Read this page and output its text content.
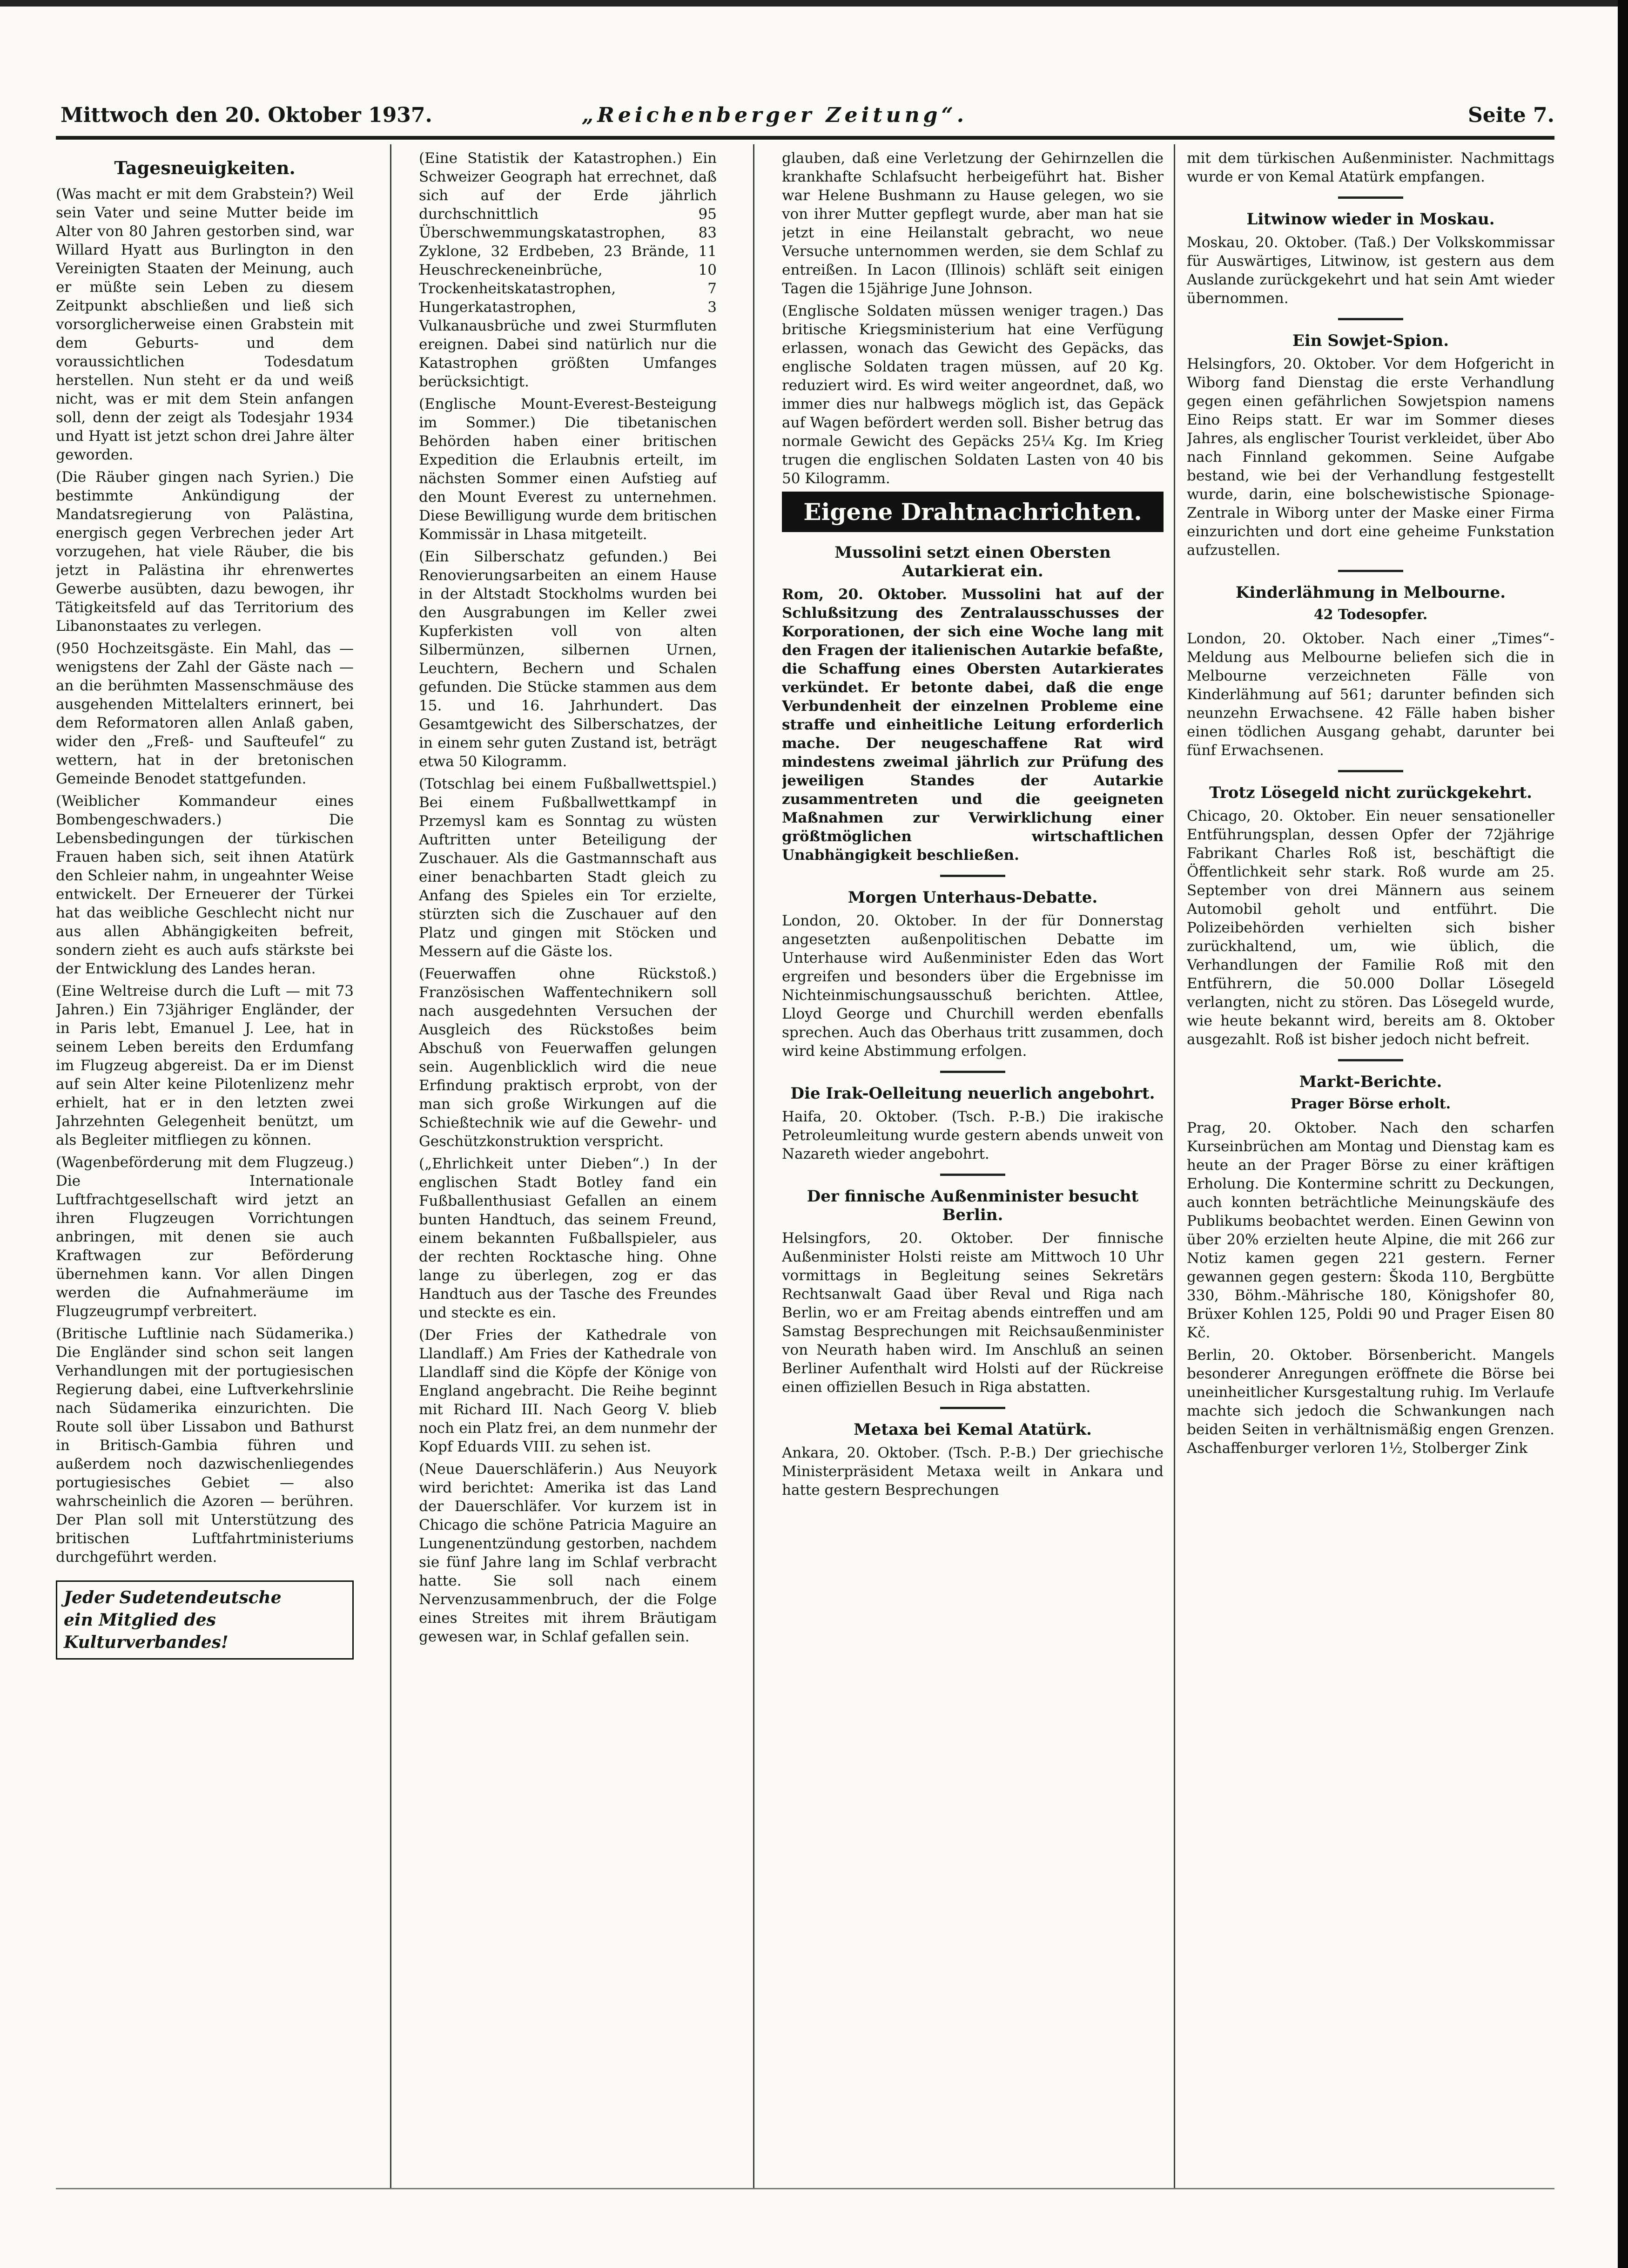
Mittwoch den 20. Oktober 1937.	„Reichenberger Zeitung“.	Seite 7.
Tagesneuigkeiten.

(Was macht er mit dem Grabstein?) Weil sein Vater und seine Mutter beide im Alter von 80 Jahren gestorben sind, war Willard Hyatt aus Burlington in den Vereinigten Staaten der Meinung, auch er müßte sein Leben zu diesem Zeitpunkt abschließen und ließ sich vorsorglicherweise einen Grabstein mit dem Geburts- und dem voraussichtlichen Todesdatum herstellen. Nun steht er da und weiß nicht, was er mit dem Stein anfangen soll, denn der zeigt als Todesjahr 1934 und Hyatt ist jetzt schon drei Jahre älter geworden.

(Die Räuber gingen nach Syrien.) Die bestimmte Ankündigung der Mandatsregierung von Palästina, energisch gegen Verbrechen jeder Art vorzugehen, hat viele Räuber, die bis jetzt in Palästina ihr ehrenwertes Gewerbe ausübten, dazu bewogen, ihr Tätigkeitsfeld auf das Territorium des Libanonstaates zu verlegen.

(950 Hochzeitsgäste. Ein Mahl, das — wenigstens der Zahl der Gäste nach — an die berühmten Massenschmäuse des ausgehenden Mittelalters erinnert, bei dem Reformatoren allen Anlaß gaben, wider den „Freß- und Saufteufel“ zu wettern, hat in der bretonischen Gemeinde Benodet stattgefunden.

(Weiblicher Kommandeur eines Bombengeschwaders.) Die Lebensbedingungen der türkischen Frauen haben sich, seit ihnen Atatürk den Schleier nahm, in ungeahnter Weise entwickelt. Der Erneuerer der Türkei hat das weibliche Geschlecht nicht nur aus allen Abhängigkeiten befreit, sondern zieht es auch aufs stärkste bei der Entwicklung des Landes heran.

(Eine Weltreise durch die Luft — mit 73 Jahren.) Ein 73jähriger Engländer, der in Paris lebt, Emanuel J. Lee, hat in seinem Leben bereits den Erdumfang im Flugzeug abgereist. Da er im Dienst auf sein Alter keine Pilotenlizenz mehr erhielt, hat er in den letzten zwei Jahrzehnten Gelegenheit benützt, um als Begleiter mitfliegen zu können.

(Wagenbeförderung mit dem Flugzeug.) Die Internationale Luftfrachtgesellschaft wird jetzt an ihren Flugzeugen Vorrichtungen anbringen, mit denen sie auch Kraftwagen zur Beförderung übernehmen kann. Vor allen Dingen werden die Aufnahmeräume im Flugzeugrumpf verbreitert.

(Britische Luftlinie nach Südamerika.) Die Engländer sind schon seit langen Verhandlungen mit der portugiesischen Regierung dabei, eine Luftverkehrslinie nach Südamerika einzurichten. Die Route soll über Lissabon und Bathurst in Britisch-Gambia führen und außerdem noch dazwischenliegendes portugiesisches Gebiet — also wahrscheinlich die Azoren — berühren. Der Plan soll mit Unterstützung des britischen Luftfahrtministeriums durchgeführt werden.

Jeder Sudetendeutsche
ein Mitglied des Kulturverbandes!

(Eine Statistik der Katastrophen.) Ein Schweizer Geograph hat errechnet, daß sich auf der Erde jährlich durchschnittlich 95 Überschwemmungskatastrophen, 83 Zyklone, 32 Erdbeben, 23 Brände, 11 Heuschreckeneinbrüche, 10 Trockenheitskatastrophen, 7 Hungerkatastrophen, 3 Vulkanausbrüche und zwei Sturmfluten ereignen. Dabei sind natürlich nur die Katastrophen größten Umfanges berücksichtigt.

(Englische Mount-Everest-Besteigung im Sommer.) Die tibetanischen Behörden haben einer britischen Expedition die Erlaubnis erteilt, im nächsten Sommer einen Aufstieg auf den Mount Everest zu unternehmen. Diese Bewilligung wurde dem britischen Kommissär in Lhasa mitgeteilt.

(Ein Silberschatz gefunden.) Bei Renovierungsarbeiten an einem Hause in der Altstadt Stockholms wurden bei den Ausgrabungen im Keller zwei Kupferkisten voll von alten Silbermünzen, silbernen Urnen, Leuchtern, Bechern und Schalen gefunden. Die Stücke stammen aus dem 15. und 16. Jahrhundert. Das Gesamtgewicht des Silberschatzes, der in einem sehr guten Zustand ist, beträgt etwa 50 Kilogramm.

(Totschlag bei einem Fußballwettspiel.) Bei einem Fußballwettkampf in Przemysl kam es Sonntag zu wüsten Auftritten unter Beteiligung der Zuschauer. Als die Gastmannschaft aus einer benachbarten Stadt gleich zu Anfang des Spieles ein Tor erzielte, stürzten sich die Zuschauer auf den Platz und gingen mit Stöcken und Messern auf die Gäste los.

(Feuerwaffen ohne Rückstoß.) Französischen Waffentechnikern soll nach ausgedehnten Versuchen der Ausgleich des Rückstoßes beim Abschuß von Feuerwaffen gelungen sein. Augenblicklich wird die neue Erfindung praktisch erprobt, von der man sich große Wirkungen auf die Schießtechnik wie auf die Gewehr- und Geschützkonstruktion verspricht.

(„Ehrlichkeit unter Dieben“.) In der englischen Stadt Botley fand ein Fußballenthusiast Gefallen an einem bunten Handtuch, das seinem Freund, einem bekannten Fußballspieler, aus der rechten Rocktasche hing. Ohne lange zu überlegen, zog er das Handtuch aus der Tasche des Freundes und steckte es ein.

(Der Fries der Kathedrale von Llandlaff.) Am Fries der Kathedrale von Llandlaff sind die Köpfe der Könige von England angebracht. Die Reihe beginnt mit Richard III. Nach Georg V. blieb noch ein Platz frei, an dem nunmehr der Kopf Eduards VIII. zu sehen ist.

(Neue Dauerschläferin.) Aus Neuyork wird berichtet: Amerika ist das Land der Dauerschläfer. Vor kurzem ist in Chicago die schöne Patricia Maguire an Lungenentzündung gestorben, nachdem sie fünf Jahre lang im Schlaf verbracht hatte. Sie soll nach einem Nervenzusammenbruch, der die Folge eines Streites mit ihrem Bräutigam gewesen war, in Schlaf gefallen sein.

glauben, daß eine Verletzung der Gehirnzellen die krankhafte Schlafsucht herbeigeführt hat. Bisher war Helene Bushmann zu Hause gelegen, wo sie von ihrer Mutter gepflegt wurde, aber man hat sie jetzt in eine Heilanstalt gebracht, wo neue Versuche unternommen werden, sie dem Schlaf zu entreißen. In Lacon (Illinois) schläft seit einigen Tagen die 15jährige June Johnson.

(Englische Soldaten müssen weniger tragen.) Das britische Kriegsministerium hat eine Verfügung erlassen, wonach das Gewicht des Gepäcks, das englische Soldaten tragen müssen, auf 20 Kg. reduziert wird. Es wird weiter angeordnet, daß, wo immer dies nur halbwegs möglich ist, das Gepäck auf Wagen befördert werden soll. Bisher betrug das normale Gewicht des Gepäcks 25¼ Kg. Im Krieg trugen die englischen Soldaten Lasten von 40 bis 50 Kilogramm.

Eigene Drahtnachrichten.
Mussolini setzt einen Obersten Autarkierat ein.

Rom, 20. Oktober. Mussolini hat auf der Schlußsitzung des Zentralausschusses der Korporationen, der sich eine Woche lang mit den Fragen der italienischen Autarkie befaßte, die Schaffung eines Obersten Autarkierates verkündet. Er betonte dabei, daß die enge Verbundenheit der einzelnen Probleme eine straffe und einheitliche Leitung erforderlich mache. Der neugeschaffene Rat wird mindestens zweimal jährlich zur Prüfung des jeweiligen Standes der Autarkie zusammentreten und die geeigneten Maßnahmen zur Verwirklichung einer größtmöglichen wirtschaftlichen Unabhängigkeit beschließen.

Morgen Unterhaus-Debatte.

London, 20. Oktober. In der für Donnerstag angesetzten außenpolitischen Debatte im Unterhause wird Außenminister Eden das Wort ergreifen und besonders über die Ergebnisse im Nichteinmischungsausschuß berichten. Attlee, Lloyd George und Churchill werden ebenfalls sprechen. Auch das Oberhaus tritt zusammen, doch wird keine Abstimmung erfolgen.

Die Irak-Oelleitung neuerlich angebohrt.

Haifa, 20. Oktober. (Tsch. P.-B.) Die irakische Petroleumleitung wurde gestern abends unweit von Nazareth wieder angebohrt.

Der finnische Außenminister besucht Berlin.

Helsingfors, 20. Oktober. Der finnische Außenminister Holsti reiste am Mittwoch 10 Uhr vormittags in Begleitung seines Sekretärs Rechtsanwalt Gaad über Reval und Riga nach Berlin, wo er am Freitag abends eintreffen und am Samstag Besprechungen mit Reichsaußenminister von Neurath haben wird. Im Anschluß an seinen Berliner Aufenthalt wird Holsti auf der Rückreise einen offiziellen Besuch in Riga abstatten.

Metaxa bei Kemal Atatürk.

Ankara, 20. Oktober. (Tsch. P.-B.) Der griechische Ministerpräsident Metaxa weilt in Ankara und hatte gestern Besprechungen

mit dem türkischen Außenminister. Nachmittags wurde er von Kemal Atatürk empfangen.

Litwinow wieder in Moskau.

Moskau, 20. Oktober. (Taß.) Der Volkskommissar für Auswärtiges, Litwinow, ist gestern aus dem Auslande zurückgekehrt und hat sein Amt wieder übernommen.

Ein Sowjet-Spion.

Helsingfors, 20. Oktober. Vor dem Hofgericht in Wiborg fand Dienstag die erste Verhandlung gegen einen gefährlichen Sowjetspion namens Eino Reips statt. Er war im Sommer dieses Jahres, als englischer Tourist verkleidet, über Abo nach Finnland gekommen. Seine Aufgabe bestand, wie bei der Verhandlung festgestellt wurde, darin, eine bolschewistische Spionage-Zentrale in Wiborg unter der Maske einer Firma einzurichten und dort eine geheime Funkstation aufzustellen.

Kinderlähmung in Melbourne.
42 Todesopfer.

London, 20. Oktober. Nach einer „Times“-Meldung aus Melbourne beliefen sich die in Melbourne verzeichneten Fälle von Kinderlähmung auf 561; darunter befinden sich neunzehn Erwachsene. 42 Fälle haben bisher einen tödlichen Ausgang gehabt, darunter bei fünf Erwachsenen.

Trotz Lösegeld nicht zurückgekehrt.

Chicago, 20. Oktober. Ein neuer sensationeller Entführungsplan, dessen Opfer der 72jährige Fabrikant Charles Roß ist, beschäftigt die Öffentlichkeit sehr stark. Roß wurde am 25. September von drei Männern aus seinem Automobil geholt und entführt. Die Polizeibehörden verhielten sich bisher zurückhaltend, um, wie üblich, die Verhandlungen der Familie Roß mit den Entführern, die 50.000 Dollar Lösegeld verlangten, nicht zu stören. Das Lösegeld wurde, wie heute bekannt wird, bereits am 8. Oktober ausgezahlt. Roß ist bisher jedoch nicht befreit.

Markt-Berichte.
Prager Börse erholt.

Prag, 20. Oktober. Nach den scharfen Kurseinbrüchen am Montag und Dienstag kam es heute an der Prager Börse zu einer kräftigen Erholung. Die Kontermine schritt zu Deckungen, auch konnten beträchtliche Meinungskäufe des Publikums beobachtet werden. Einen Gewinn von über 20% erzielten heute Alpine, die mit 266 zur Notiz kamen gegen 221 gestern. Ferner gewannen gegen gestern: Škoda 110, Bergbütte 330, Böhm.-Mährische 180, Königshofer 80, Brüxer Kohlen 125, Poldi 90 und Prager Eisen 80 Kč.

Berlin, 20. Oktober. Börsenbericht. Mangels besonderer Anregungen eröffnete die Börse bei uneinheitlicher Kursgestaltung ruhig. Im Verlaufe machte sich jedoch die Schwankungen nach beiden Seiten in verhältnismäßig engen Grenzen. Aschaffenburger verloren 1½, Stolberger Zink
